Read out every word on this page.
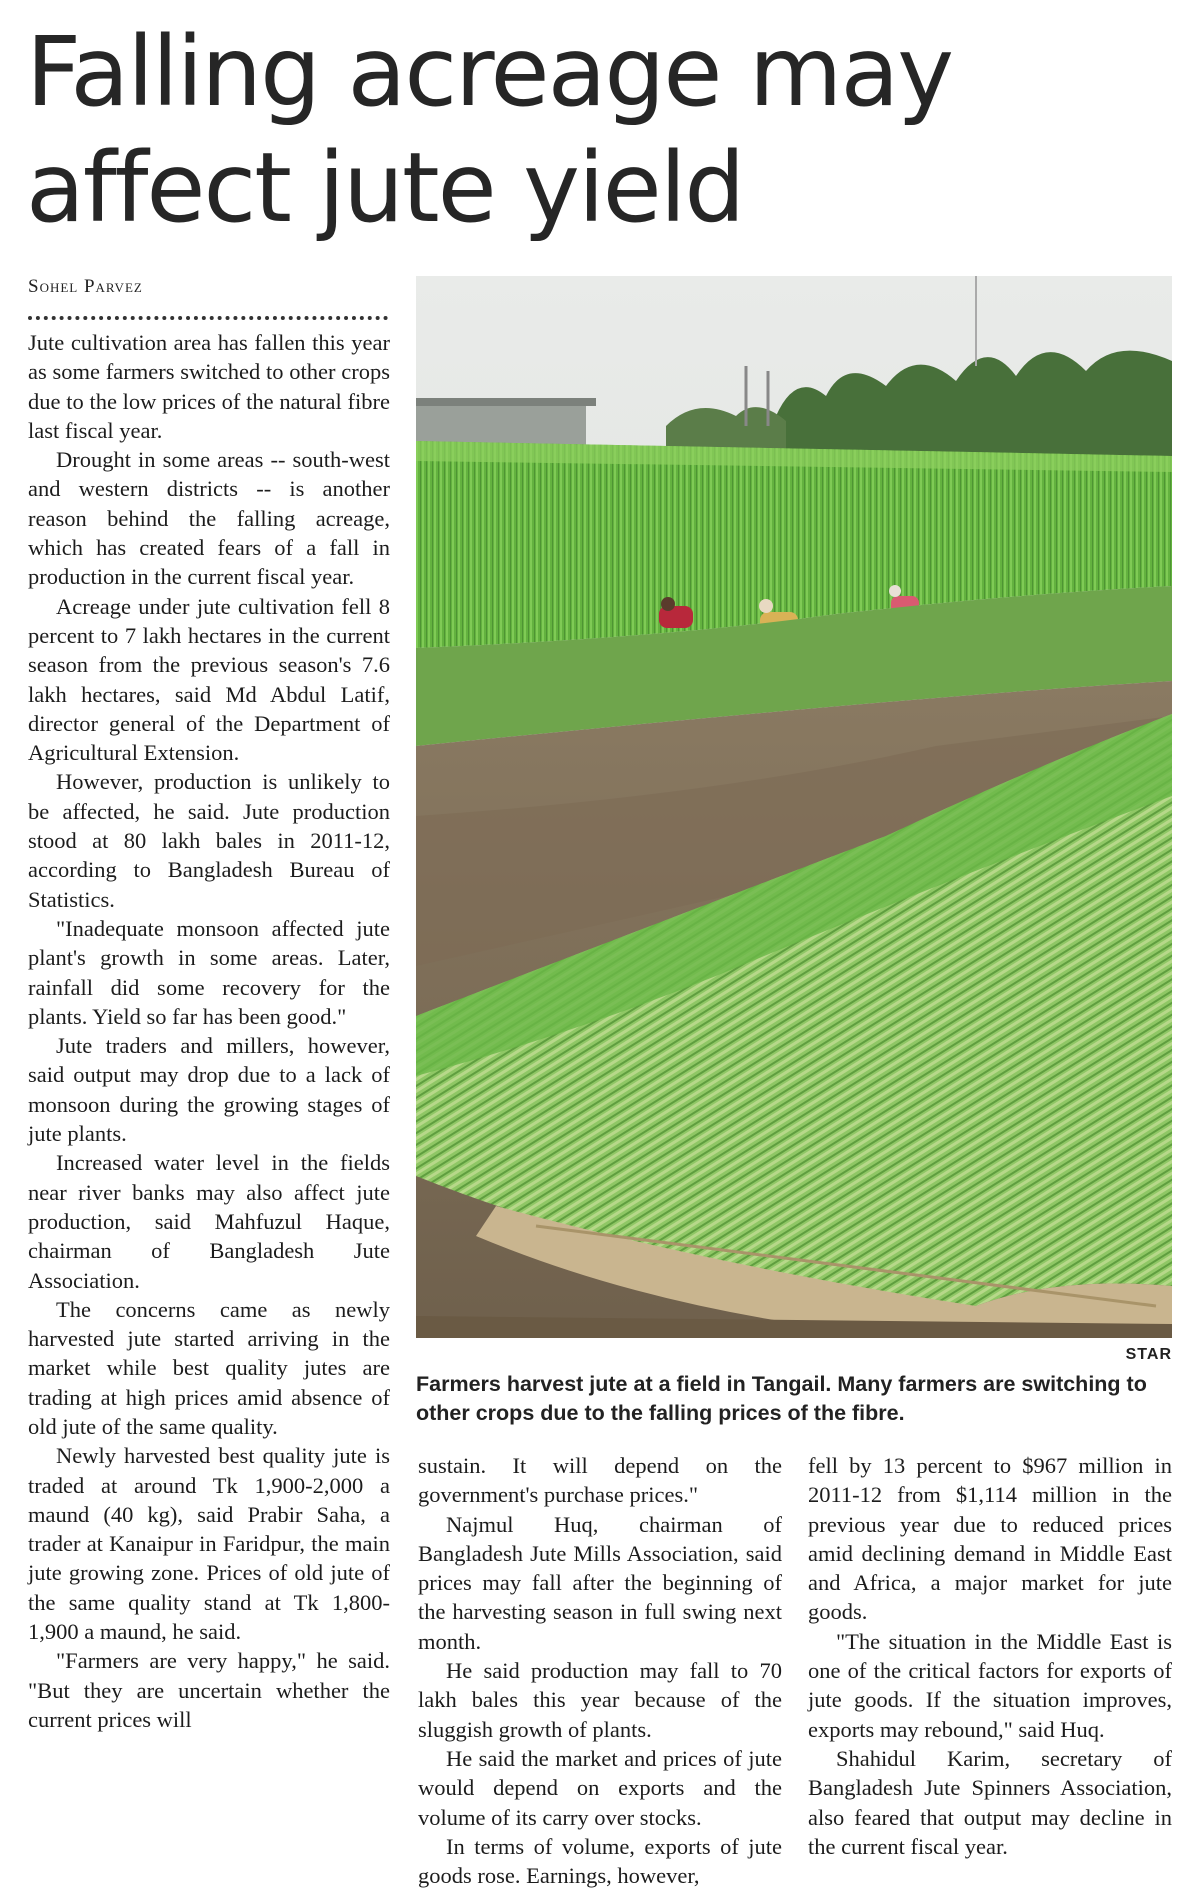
Falling acreage may
affect jute yield
Sohel Parvez

Jute cultivation area has fallen this year as some farmers switched to other crops due to the low prices of the natural fibre last fiscal year.

Drought in some areas -- south-west and western districts -- is another reason behind the falling acreage, which has created fears of a fall in production in the current fiscal year.

Acreage under jute cultivation fell 8 percent to 7 lakh hectares in the current season from the previous season's 7.6 lakh hectares, said Md Abdul Latif, director general of the Department of Agricultural Extension.

However, production is unlikely to be affected, he said. Jute production stood at 80 lakh bales in 2011-12, according to Bangladesh Bureau of Statistics.

"Inadequate monsoon affected jute plant's growth in some areas. Later, rainfall did some recovery for the plants. Yield so far has been good."

Jute traders and millers, however, said output may drop due to a lack of monsoon during the growing stages of jute plants.

Increased water level in the fields near river banks may also affect jute production, said Mahfuzul Haque, chairman of Bangladesh Jute Association.

The concerns came as newly harvested jute started arriving in the market while best quality jutes are trading at high prices amid absence of old jute of the same quality.

Newly harvested best quality jute is traded at around Tk 1,900-2,000 a maund (40 kg), said Prabir Saha, a trader at Kanaipur in Faridpur, the main jute growing zone. Prices of old jute of the same quality stand at Tk 1,800-1,900 a maund, he said.

"Farmers are very happy," he said. "But they are uncertain whether the current prices will

STAR
Farmers harvest jute at a field in Tangail. Many farmers are switching to other crops due to the falling prices of the fibre.

sustain. It will depend on the government's purchase prices."

Najmul Huq, chairman of Bangladesh Jute Mills Association, said prices may fall after the beginning of the harvesting season in full swing next month.

He said production may fall to 70 lakh bales this year because of the sluggish growth of plants.

He said the market and prices of jute would depend on exports and the volume of its carry over stocks.

In terms of volume, exports of jute goods rose. Earnings, however,

fell by 13 percent to $967 million in 2011-12 from $1,114 million in the previous year due to reduced prices amid declining demand in Middle East and Africa, a major market for jute goods.

"The situation in the Middle East is one of the critical factors for exports of jute goods. If the situation improves, exports may rebound," said Huq.

Shahidul Karim, secretary of Bangladesh Jute Spinners Association, also feared that output may decline in the current fiscal year.
